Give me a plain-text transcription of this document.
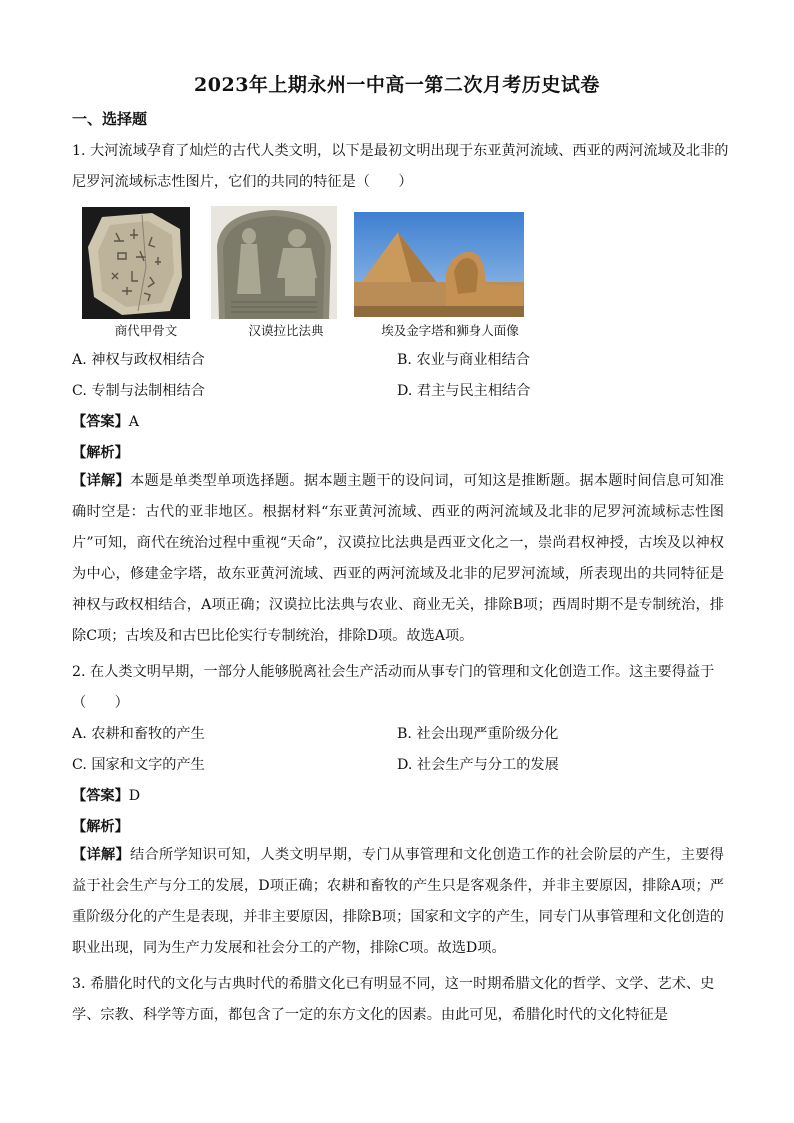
2023年上期永州一中高一第二次月考历史试卷
一、选择题
1. 大河流域孕育了灿烂的古代人类文明，以下是最初文明出现于东亚黄河流域、西亚的两河流域及北非的
尼罗河流域标志性图片，它们的共同的特征是（　　）
商代甲骨文	汉谟拉比法典	埃及金字塔和狮身人面像
A. 神权与政权相结合	B. 农业与商业相结合
C. 专制与法制相结合	D. 君主与民主相结合
【答案】A
【解析】
【详解】本题是单类型单项选择题。据本题主题干的设问词，可知这是推断题。据本题时间信息可知准确时空是：古代的亚非地区。根据材料“东亚黄河流域、西亚的两河流域及北非的尼罗河流域标志性图片”可知，商代在统治过程中重视“天命”，汉谟拉比法典是西亚文化之一，崇尚君权神授，古埃及以神权为中心，修建金字塔，故东亚黄河流域、西亚的两河流域及北非的尼罗河流域，所表现出的共同特征是神权与政权相结合，A项正确；汉谟拉比法典与农业、商业无关，排除B项；西周时期不是专制统治，排除C项；古埃及和古巴比伦实行专制统治，排除D项。故选A项。
2. 在人类文明早期，一部分人能够脱离社会生产活动而从事专门的管理和文化创造工作。这主要得益于
（　　）
A. 农耕和畜牧的产生	B. 社会出现严重阶级分化
C. 国家和文字的产生	D. 社会生产与分工的发展
【答案】D
【解析】
【详解】结合所学知识可知，人类文明早期，专门从事管理和文化创造工作的社会阶层的产生，主要得益于社会生产与分工的发展，D项正确；农耕和畜牧的产生只是客观条件，并非主要原因，排除A项；严重阶级分化的产生是表现，并非主要原因，排除B项；国家和文字的产生，同专门从事管理和文化创造的职业出现，同为生产力发展和社会分工的产物，排除C项。故选D项。
3. 希腊化时代的文化与古典时代的希腊文化已有明显不同，这一时期希腊文化的哲学、文学、艺术、史
学、宗教、科学等方面，都包含了一定的东方文化的因素。由此可见，希腊化时代的文化特征是
